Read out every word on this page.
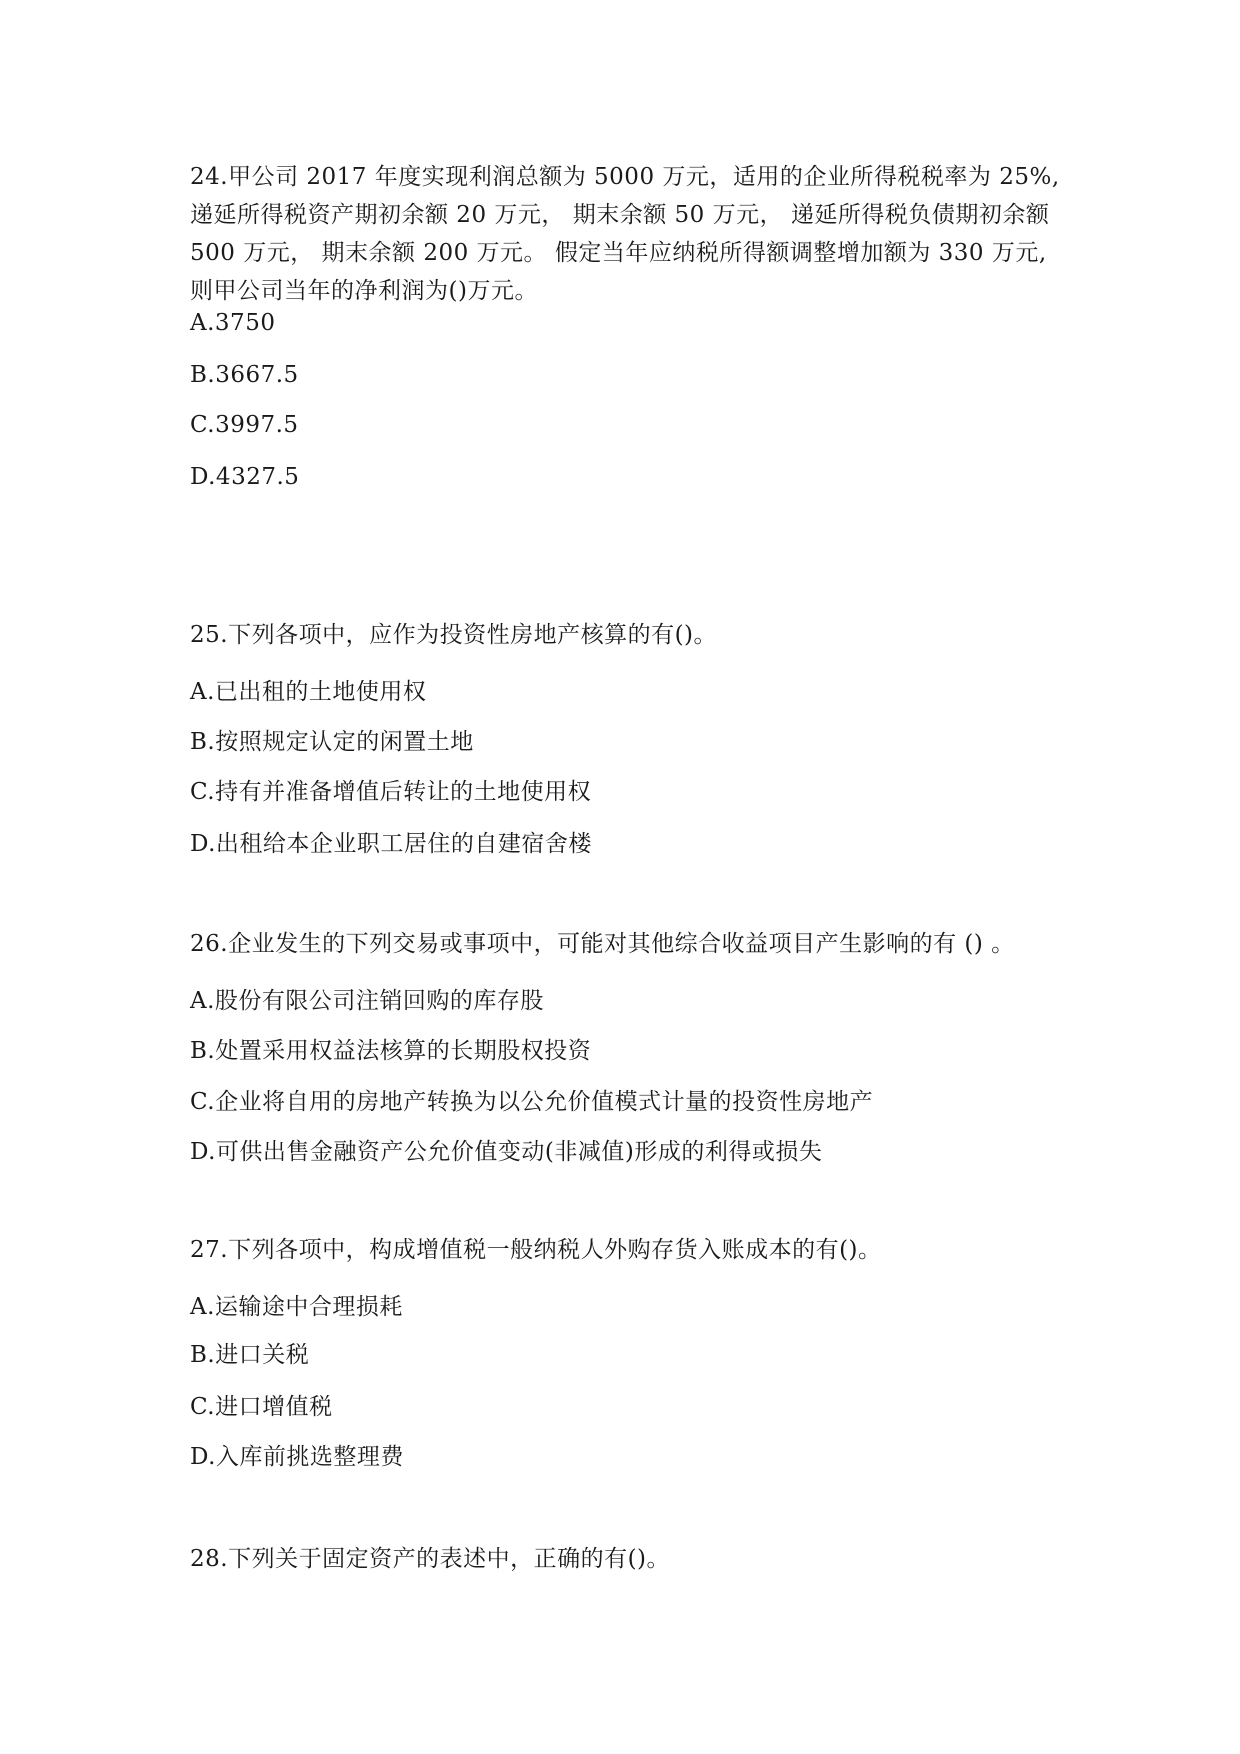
24.甲公司 2017 年度实现利润总额为 5000 万元，适用的企业所得税税率为 25%,
递延所得税资产期初余额 20 万元， 期末余额 50 万元， 递延所得税负债期初余额
500 万元， 期末余额 200 万元。 假定当年应纳税所得额调整增加额为 330 万元,
则甲公司当年的净利润为()万元。
A.3750
B.3667.5
C.3997.5
D.4327.5
25.下列各项中，应作为投资性房地产核算的有()。
A.已出租的土地使用权
B.按照规定认定的闲置土地
C.持有并准备增值后转让的土地使用权
D.出租给本企业职工居住的自建宿舍楼
26.企业发生的下列交易或事项中，可能对其他综合收益项目产生影响的有 () 。
A.股份有限公司注销回购的库存股
B.处置采用权益法核算的长期股权投资
C.企业将自用的房地产转换为以公允价值模式计量的投资性房地产
D.可供出售金融资产公允价值变动(非减值)形成的利得或损失
27.下列各项中，构成增值税一般纳税人外购存货入账成本的有()。
A.运输途中合理损耗
B.进口关税
C.进口增值税
D.入库前挑选整理费
28.下列关于固定资产的表述中，正确的有()。
